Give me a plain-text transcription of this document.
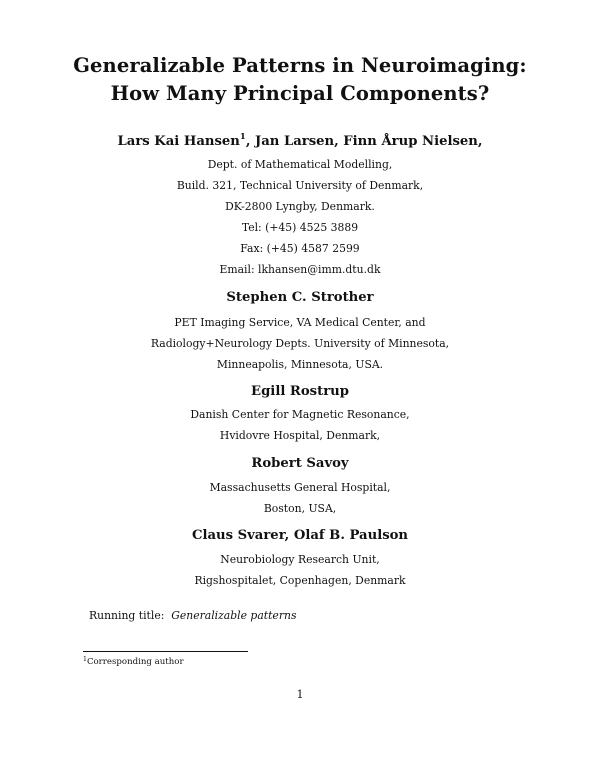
Generalizable Patterns in Neuroimaging:
How Many Principal Components?
Lars Kai Hansen$^1$, Jan Larsen, Finn Årup Nielsen,
Dept. of Mathematical Modelling,
Build. 321, Technical University of Denmark,
DK-2800 Lyngby, Denmark.
Tel: (+45) 4525 3889
Fax: (+45) 4587 2599
Email: lkhansen@imm.dtu.dk
Stephen C. Strother
PET Imaging Service, VA Medical Center, and
Radiology+Neurology Depts. University of Minnesota,
Minneapolis, Minnesota, USA.
Egill Rostrup
Danish Center for Magnetic Resonance,
Hvidovre Hospital, Denmark,
Robert Savoy
Massachusetts General Hospital,
Boston, USA,
Claus Svarer, Olaf B. Paulson
Neurobiology Research Unit,
Rigshospitalet, Copenhagen, Denmark
Running title: Generalizable patterns
$^1$Corresponding author
1
